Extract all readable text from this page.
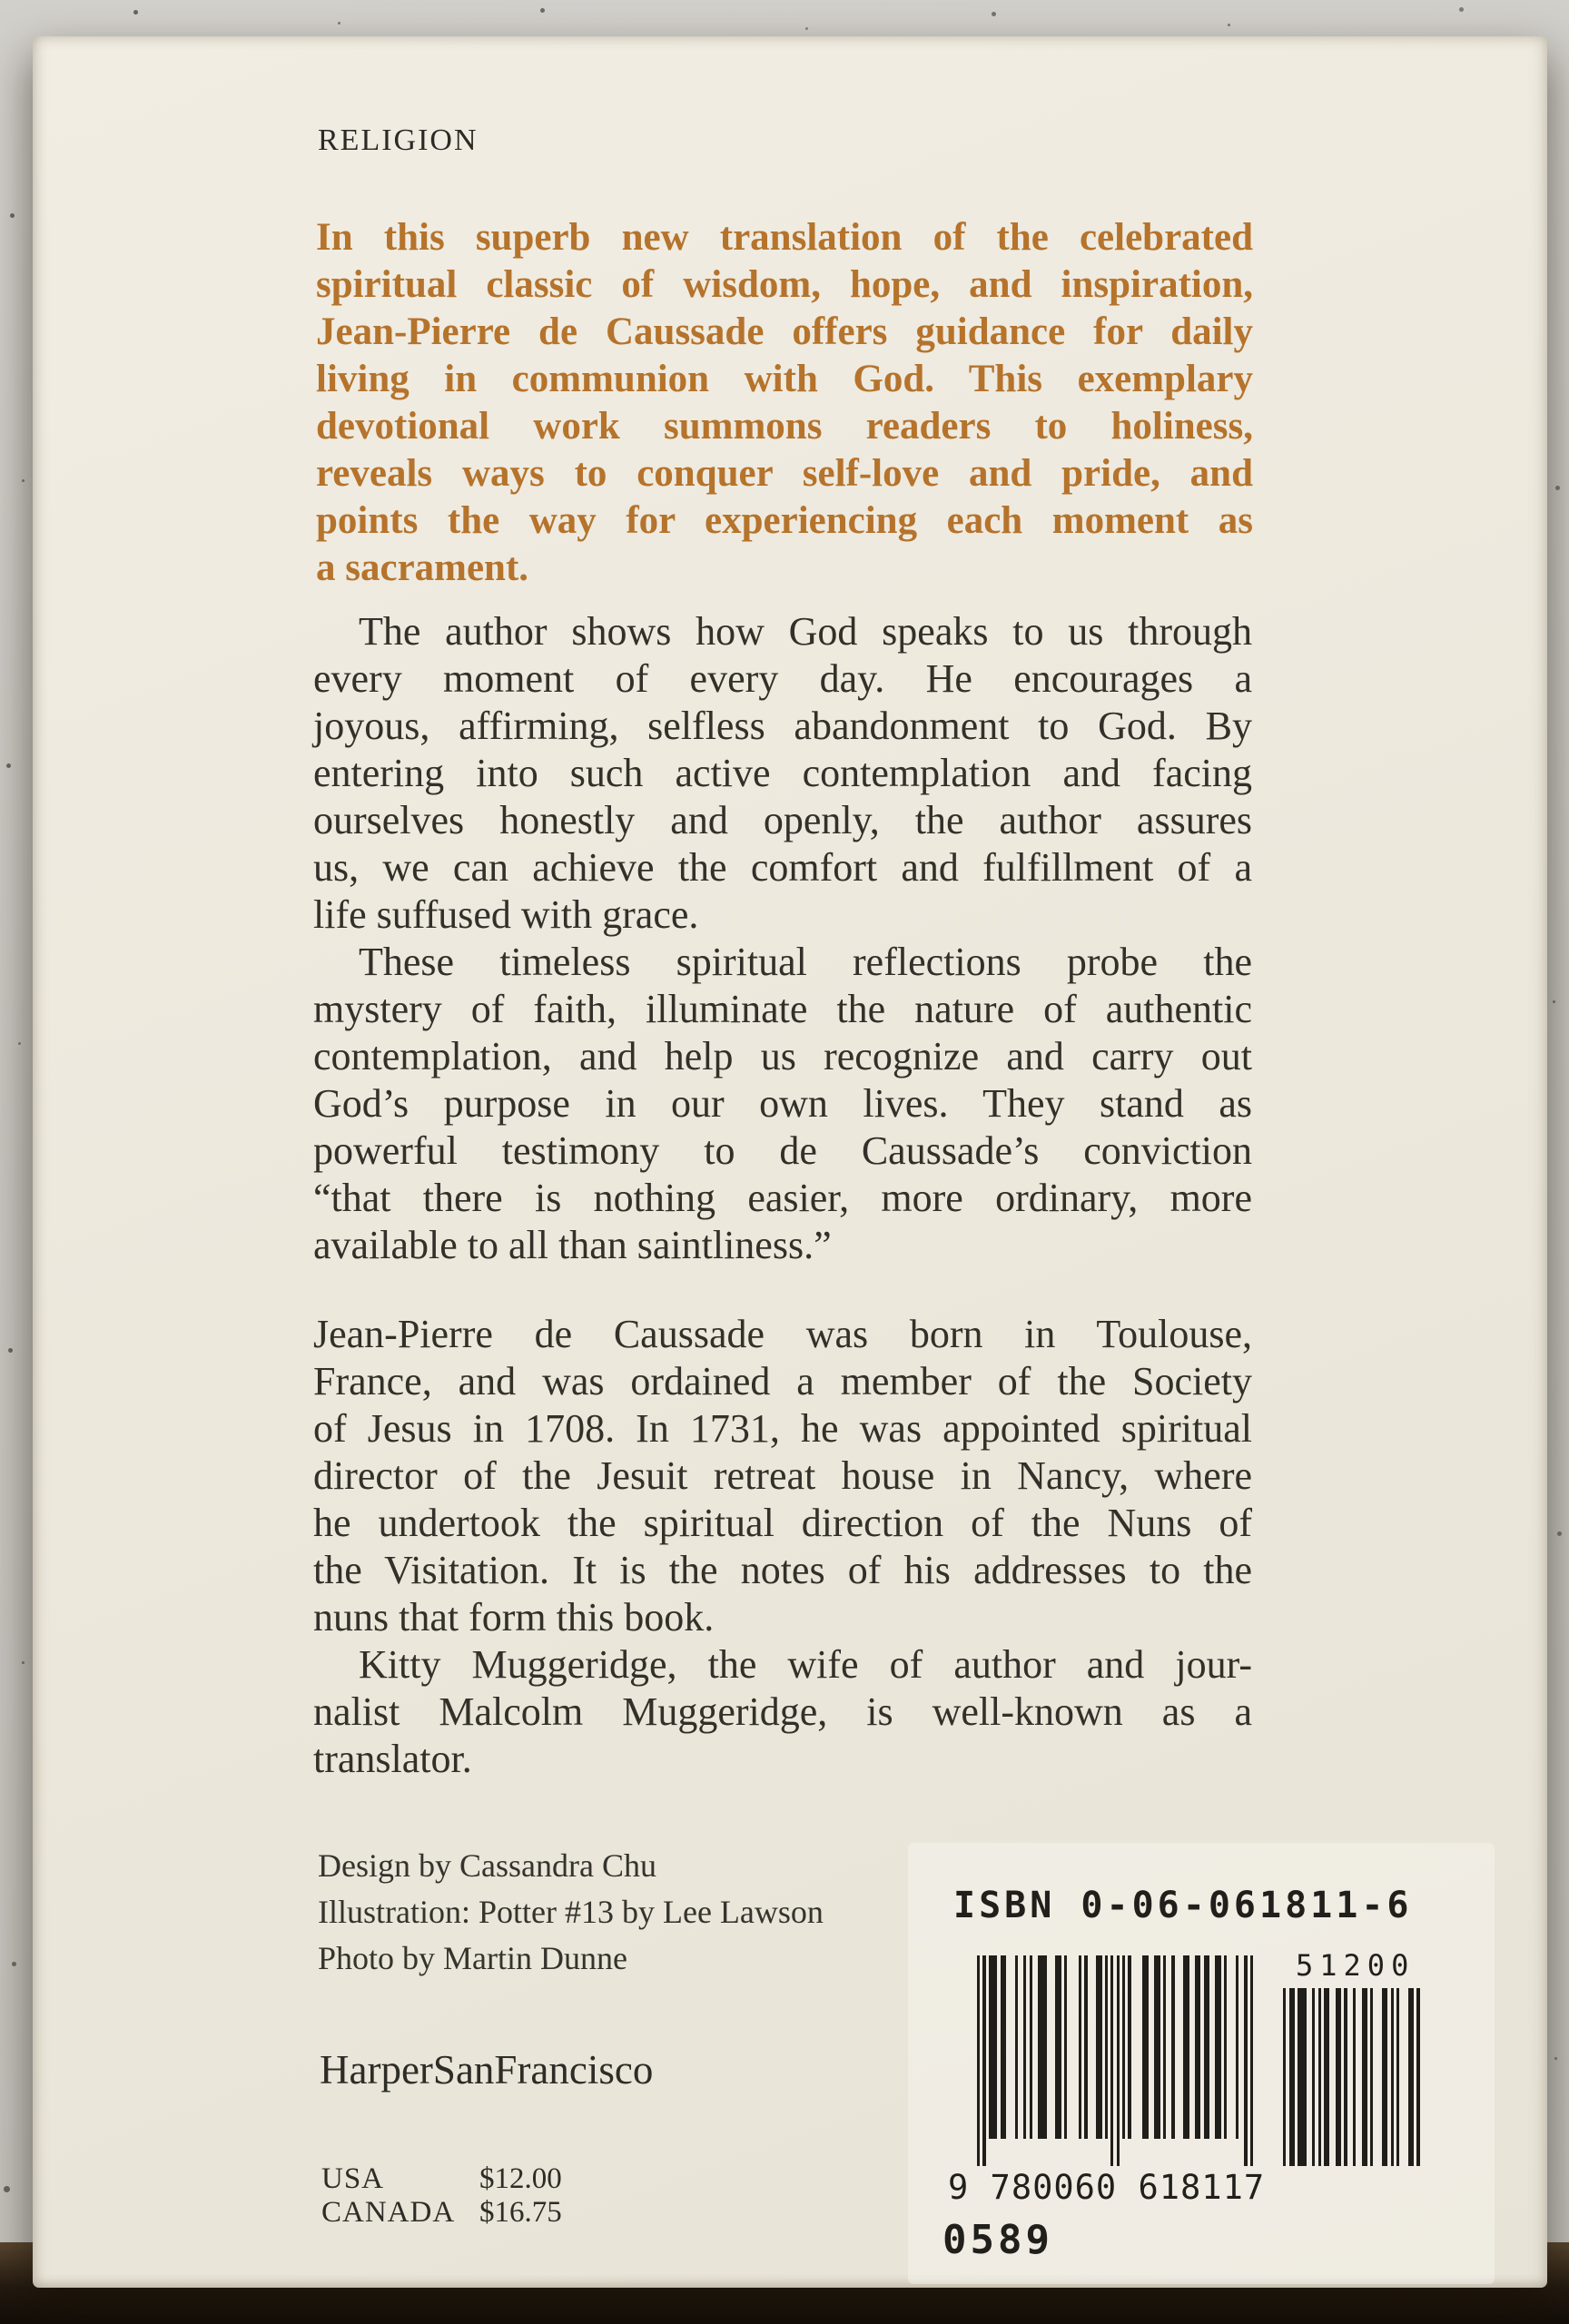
RELIGION
In this superb new translation of the celebrated
spiritual classic of wisdom, hope, and inspiration,
Jean-Pierre de Caussade offers guidance for daily
living in communion with God. This exemplary
devotional work summons readers to holiness,
reveals ways to conquer self-love and pride, and
points the way for experiencing each moment as
a sacrament.
The author shows how God speaks to us through
every moment of every day. He encourages a
joyous, affirming, selfless abandonment to God. By
entering into such active contemplation and facing
ourselves honestly and openly, the author assures
us, we can achieve the comfort and fulfillment of a
life suffused with grace.
These timeless spiritual reflections probe the
mystery of faith, illuminate the nature of authentic
contemplation, and help us recognize and carry out
God’s purpose in our own lives. They stand as
powerful testimony to de Caussade’s conviction
“that there is nothing easier, more ordinary, more
available to all than saintliness.”
Jean-Pierre de Caussade was born in Toulouse,
France, and was ordained a member of the Society
of Jesus in 1708. In 1731, he was appointed spiritual
director of the Jesuit retreat house in Nancy, where
he undertook the spiritual direction of the Nuns of
the Visitation. It is the notes of his addresses to the
nuns that form this book.
Kitty Muggeridge, the wife of author and jour-
nalist Malcolm Muggeridge, is well-known as a
translator.
Design by Cassandra Chu
Illustration: Potter #13 by Lee Lawson
Photo by Martin Dunne
HarperSanFrancisco
USA	$12.00
CANADA $16.75
ISBN 0-06-061811-6
9 780060 618117
51200
0589
